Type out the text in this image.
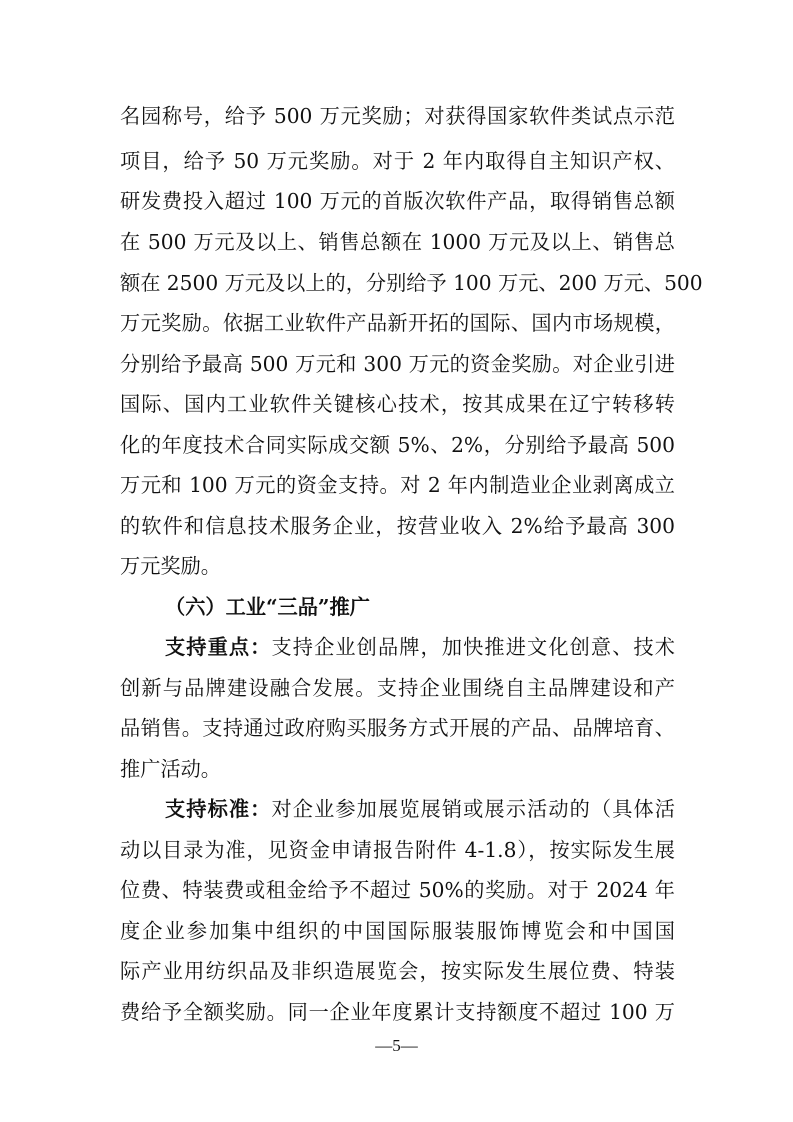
名园称号，给予 500 万元奖励；对获得国家软件类试点示范
项目，给予 50 万元奖励。对于 2 年内取得自主知识产权、
研发费投入超过 100 万元的首版次软件产品，取得销售总额
在 500 万元及以上、销售总额在 1000 万元及以上、销售总
额在 2500 万元及以上的，分别给予 100 万元、200 万元、500
万元奖励。依据工业软件产品新开拓的国际、国内市场规模，
分别给予最高 500 万元和 300 万元的资金奖励。对企业引进
国际、国内工业软件关键核心技术，按其成果在辽宁转移转
化的年度技术合同实际成交额 5%、2%，分别给予最高 500
万元和 100 万元的资金支持。对 2 年内制造业企业剥离成立
的软件和信息技术服务企业，按营业收入 2%给予最高 300
万元奖励。
（六）工业“三品”推广
支持重点：支持企业创品牌，加快推进文化创意、技术
创新与品牌建设融合发展。支持企业围绕自主品牌建设和产
品销售。支持通过政府购买服务方式开展的产品、品牌培育、
推广活动。
支持标准：对企业参加展览展销或展示活动的（具体活
动以目录为准，见资金申请报告附件 4-1.8），按实际发生展
位费、特装费或租金给予不超过 50%的奖励。对于 2024 年
度企业参加集中组织的中国国际服装服饰博览会和中国国
际产业用纺织品及非织造展览会，按实际发生展位费、特装
费给予全额奖励。同一企业年度累计支持额度不超过 100 万
—5—
